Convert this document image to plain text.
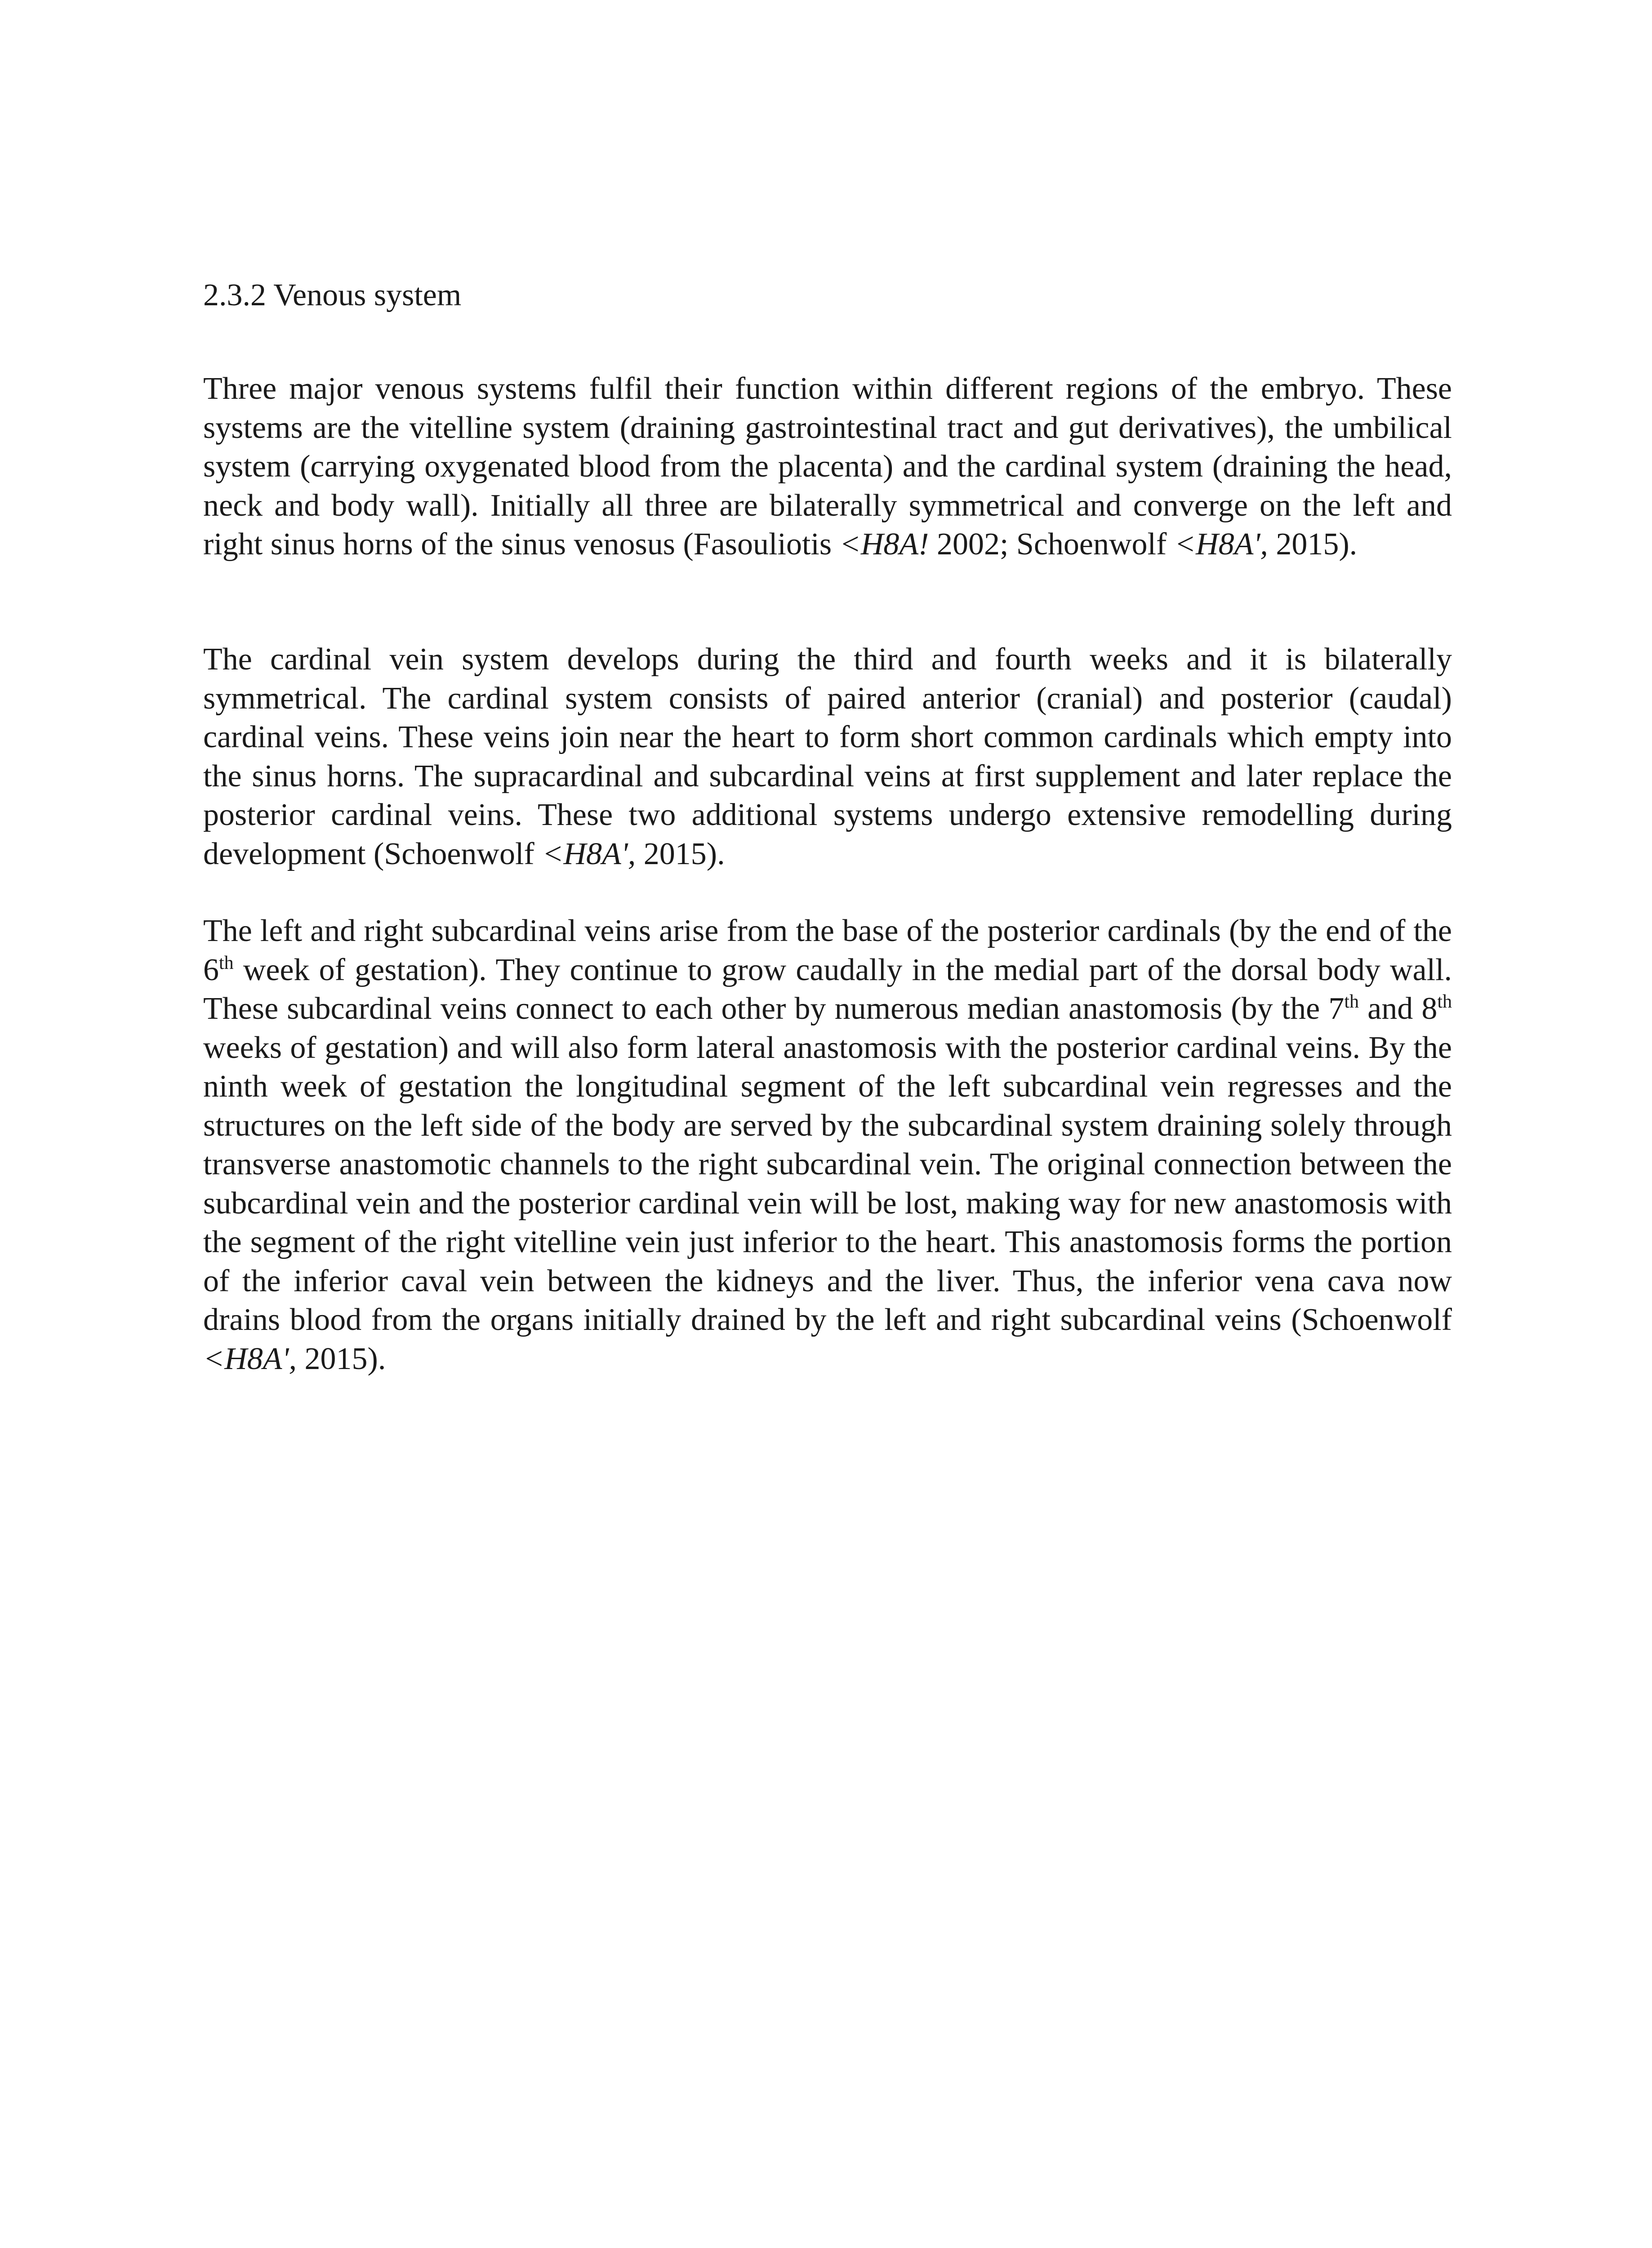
2.3.2 Venous system

Three major venous systems fulfil their function within different regions of the embryo. These systems are the vitelline system (draining gastrointestinal tract and gut derivatives), the umbilical system (carrying oxygenated blood from the placenta) and the cardinal system (draining the head, neck and body wall). Initially all three are bilaterally symmetrical and converge on the left and right sinus horns of the sinus venosus (Fasouliotis <H8A! 2002; Schoenwolf <H8A', 2015).

The cardinal vein system develops during the third and fourth weeks and it is bilaterally symmetrical. The cardinal system consists of paired anterior (cranial) and posterior (caudal) cardinal veins. These veins join near the heart to form short common cardinals which empty into the sinus horns. The supracardinal and subcardinal veins at first supplement and later replace the posterior cardinal veins. These two additional systems undergo extensive remodelling during development (Schoenwolf <H8A', 2015).

The left and right subcardinal veins arise from the base of the posterior cardinals (by the end of the 6th week of gestation). They continue to grow caudally in the medial part of the dorsal body wall. These subcardinal veins connect to each other by numerous median anastomosis (by the 7th and 8th weeks of gestation) and will also form lateral anastomosis with the posterior cardinal veins. By the ninth week of gestation the longitudinal segment of the left subcardinal vein regresses and the structures on the left side of the body are served by the subcardinal system draining solely through transverse anastomotic channels to the right subcardinal vein. The original connection between the subcardinal vein and the posterior cardinal vein will be lost, making way for new anastomosis with the segment of the right vitelline vein just inferior to the heart. This anastomosis forms the portion of the inferior caval vein between the kidneys and the liver. Thus, the inferior vena cava now drains blood from the organs initially drained by the left and right subcardinal veins (Schoenwolf <H8A', 2015).
